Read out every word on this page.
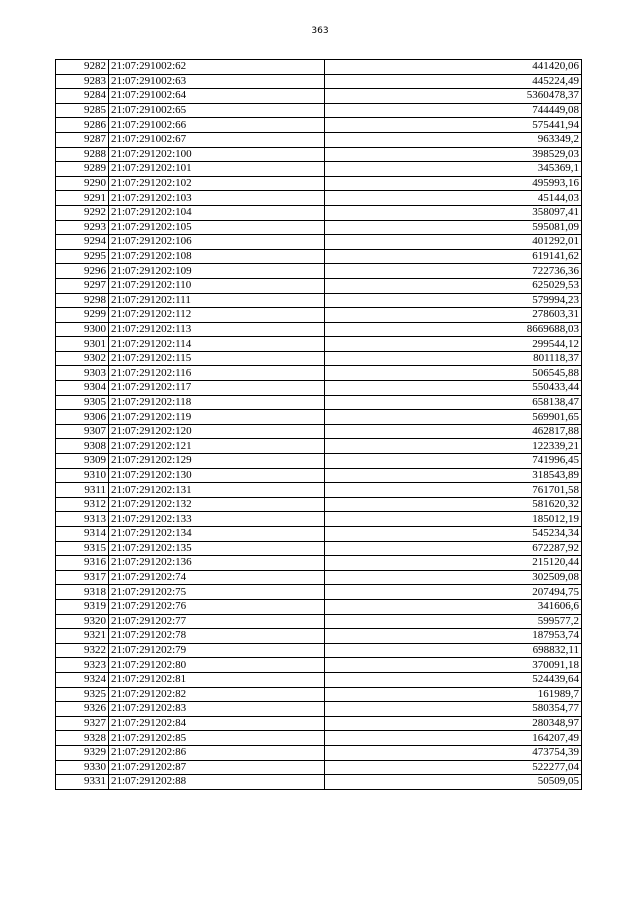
363
9282	21:07:291002:62	441420,06
9283	21:07:291002:63	445224,49
9284	21:07:291002:64	5360478,37
9285	21:07:291002:65	744449,08
9286	21:07:291002:66	575441,94
9287	21:07:291002:67	963349,2
9288	21:07:291202:100	398529,03
9289	21:07:291202:101	345369,1
9290	21:07:291202:102	495993,16
9291	21:07:291202:103	45144,03
9292	21:07:291202:104	358097,41
9293	21:07:291202:105	595081,09
9294	21:07:291202:106	401292,01
9295	21:07:291202:108	619141,62
9296	21:07:291202:109	722736,36
9297	21:07:291202:110	625029,53
9298	21:07:291202:111	579994,23
9299	21:07:291202:112	278603,31
9300	21:07:291202:113	8669688,03
9301	21:07:291202:114	299544,12
9302	21:07:291202:115	801118,37
9303	21:07:291202:116	506545,88
9304	21:07:291202:117	550433,44
9305	21:07:291202:118	658138,47
9306	21:07:291202:119	569901,65
9307	21:07:291202:120	462817,88
9308	21:07:291202:121	122339,21
9309	21:07:291202:129	741996,45
9310	21:07:291202:130	318543,89
9311	21:07:291202:131	761701,58
9312	21:07:291202:132	581620,32
9313	21:07:291202:133	185012,19
9314	21:07:291202:134	545234,34
9315	21:07:291202:135	672287,92
9316	21:07:291202:136	215120,44
9317	21:07:291202:74	302509,08
9318	21:07:291202:75	207494,75
9319	21:07:291202:76	341606,6
9320	21:07:291202:77	599577,2
9321	21:07:291202:78	187953,74
9322	21:07:291202:79	698832,11
9323	21:07:291202:80	370091,18
9324	21:07:291202:81	524439,64
9325	21:07:291202:82	161989,7
9326	21:07:291202:83	580354,77
9327	21:07:291202:84	280348,97
9328	21:07:291202:85	164207,49
9329	21:07:291202:86	473754,39
9330	21:07:291202:87	522277,04
9331	21:07:291202:88	50509,05
